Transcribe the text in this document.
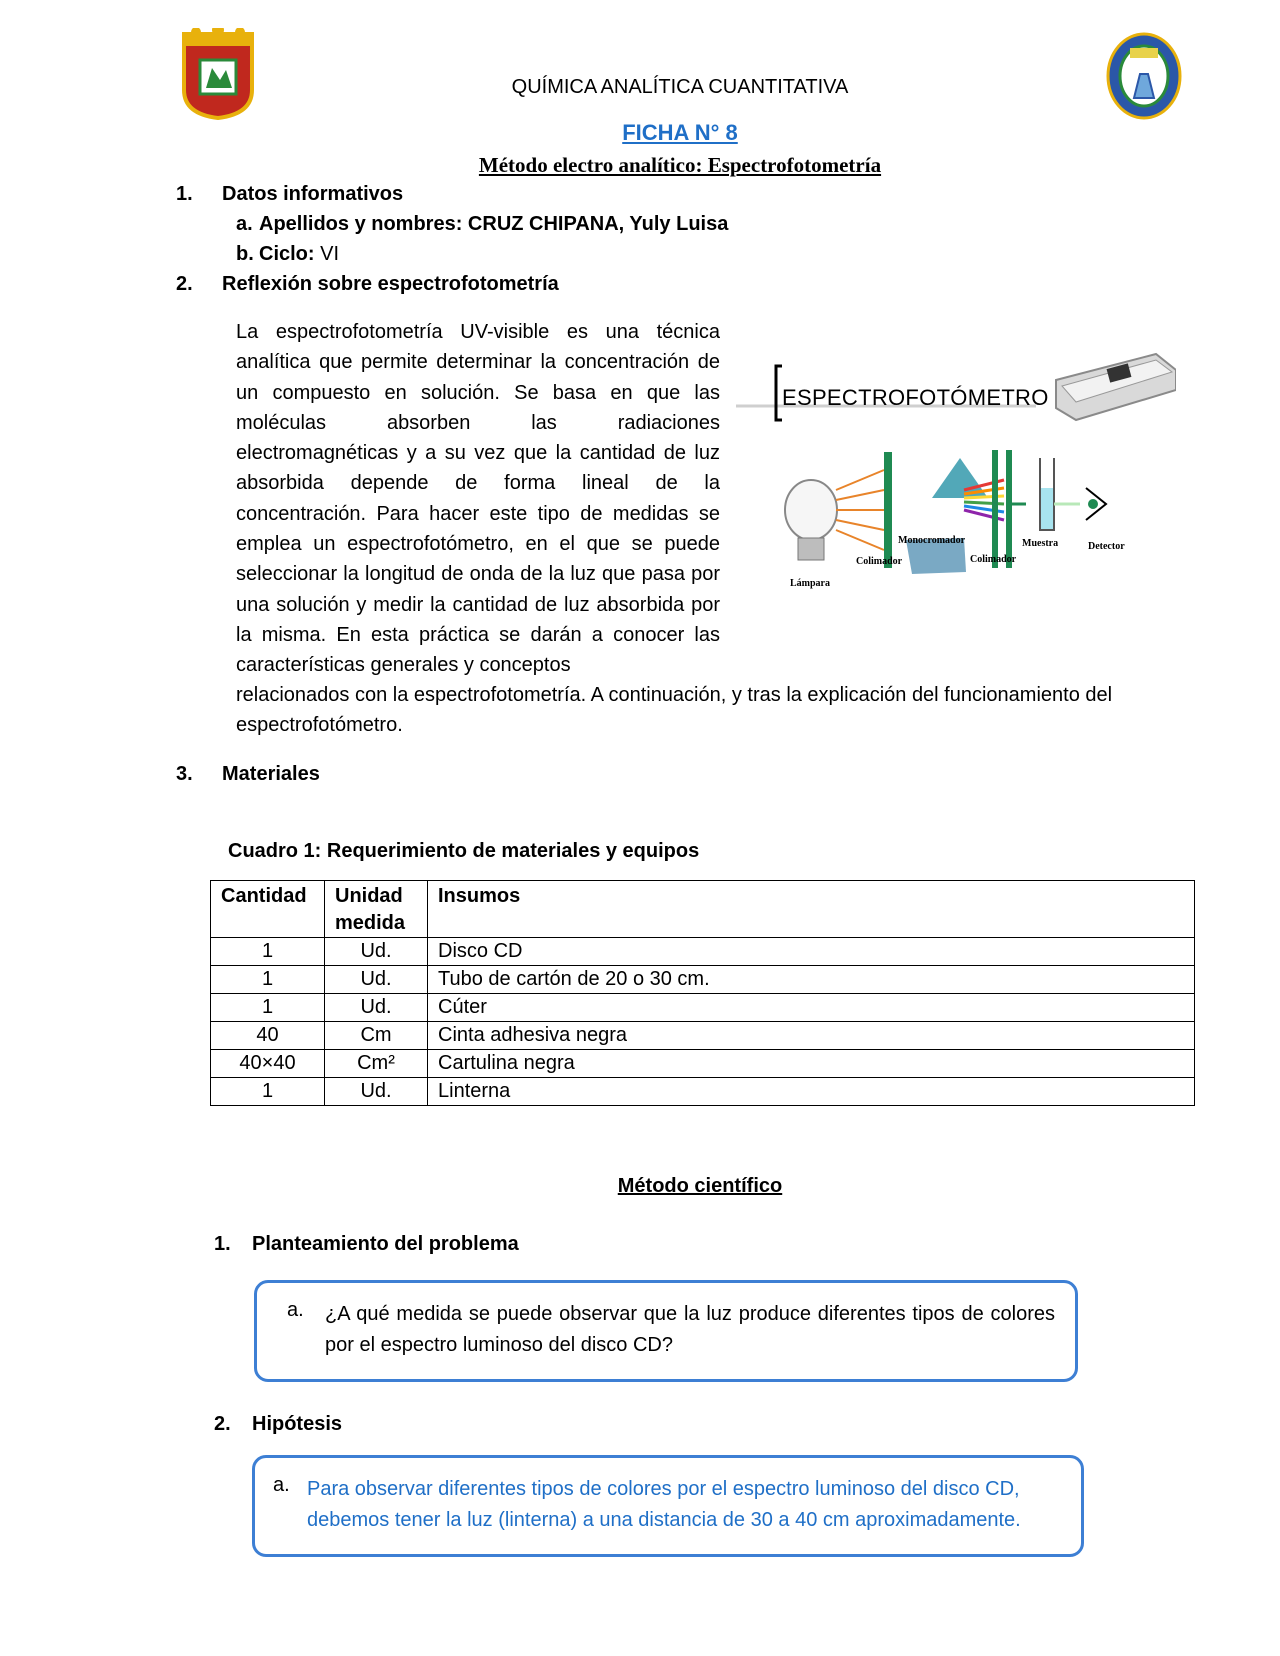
QUÍMICA ANALÍTICA CUANTITATIVA
FICHA N° 8
Método electro analítico: Espectrofotometría
1. Datos informativos
a. Apellidos y nombres: CRUZ CHIPANA, Yuly Luisa
b. Ciclo: VI
2. Reflexión sobre espectrofotometría
La espectrofotometría UV-visible es una técnica analítica que permite determinar la concentración de un compuesto en solución. Se basa en que las moléculas absorben las radiaciones electromagnéticas y a su vez que la cantidad de luz absorbida depende de forma lineal de la concentración. Para hacer este tipo de medidas se emplea un espectrofotómetro, en el que se puede seleccionar la longitud de onda de la luz que pasa por una solución y medir la cantidad de luz absorbida por la misma. En esta práctica se darán a conocer las características generales y conceptos
relacionados con la espectrofotometría. A continuación, y tras la explicación del funcionamiento del espectrofotómetro.
ESPECTROFOTÓMETRO
Monocromador	Muestra	Detector
Colimador	Colimador
Lámpara
3. Materiales
Cuadro 1: Requerimiento de materiales y equipos
Cantidad	Unidad medida	Insumos
1	Ud.	Disco CD
1	Ud.	Tubo de cartón de 20 o 30 cm.
1	Ud.	Cúter
40	Cm	Cinta adhesiva negra
40×40	Cm²	Cartulina negra
1	Ud.	Linterna
Método científico
1. Planteamiento del problema
a. ¿A qué medida se puede observar que la luz produce diferentes tipos de colores por el espectro luminoso del disco CD?
2. Hipótesis
a. Para observar diferentes tipos de colores por el espectro luminoso del disco CD, debemos tener la luz (linterna) a una distancia de 30 a 40 cm aproximadamente.
